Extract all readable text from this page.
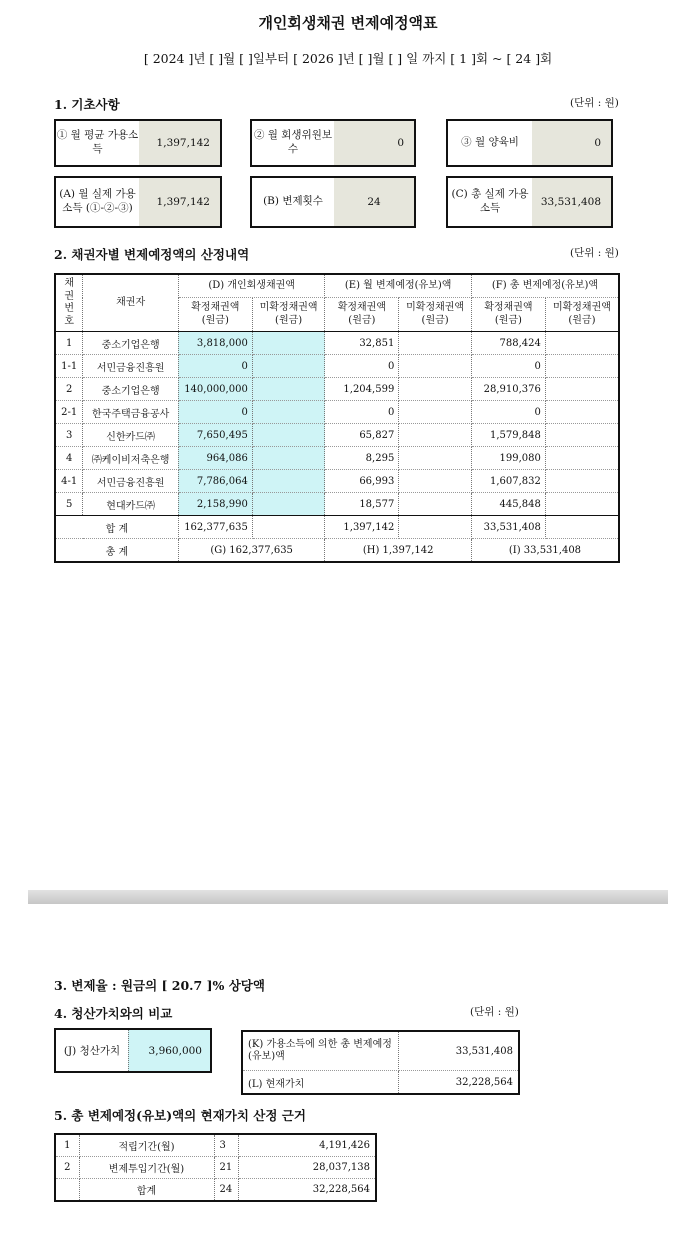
개인회생채권 변제예정액표
[ 2024 ]년 [ ]월 [ ]일부터 [ 2026 ]년 [ ]월 [ ] 일 까지 [ 1 ]회 ~ [ 24 ]회
1. 기초사항	(단위 : 원)
① 월 평균 가용소득	1,397,142
② 월 회생위원보수	0	③ 월 양육비	0
(A) 월 실제 가용소득 (①-②-③)	1,397,142	(B) 변제횟수	24
(C) 총 실제 가용소득	33,531,408
2. 채권자별 변제예정액의 산정내역	(단위 : 원)
채권 번호	채권자	(D) 개인회생채권액		(E) 월 변제예정(유보)액		(F) 총 변제예정(유보)액	
		확정채권액 (원금)	미확정채권액 (원금)	확정채권액 (원금)	미확정채권액 (원금)	확정채권액 (원금)	미확정채권액 (원금)
1	중소기업은행	3,818,000		32,851		788,424	
1-1	서민금융진흥원	0		0		0	
2	중소기업은행	140,000,000		1,204,599		28,910,376	
2-1	한국주택금융공사	0		0		0	
3	신한카드㈜	7,650,495		65,827		1,579,848	
4	㈜케이비저축은행	964,086		8,295		199,080	
4-1	서민금융진흥원	7,786,064		66,993		1,607,832	
5	현대카드㈜	2,158,990		18,577		445,848	
합 계		162,377,635		1,397,142		33,531,408	
총 계		(G) 162,377,635		(H) 1,397,142		(I) 33,531,408	
3. 변제율 : 원금의 [ 20.7 ]% 상당액
4. 청산가치와의 비교	(단위 : 원)
(J) 청산가치	3,960,000
(K) 가용소득에 의한 총 변제예정(유보)액	33,531,408
(L) 현재가치	32,228,564
5. 총 변제예정(유보)액의 현재가치 산정 근거
1	적립기간(월)	3	4,191,426
2	변제투입기간(월)	21	28,037,138
	합계	24	32,228,564
